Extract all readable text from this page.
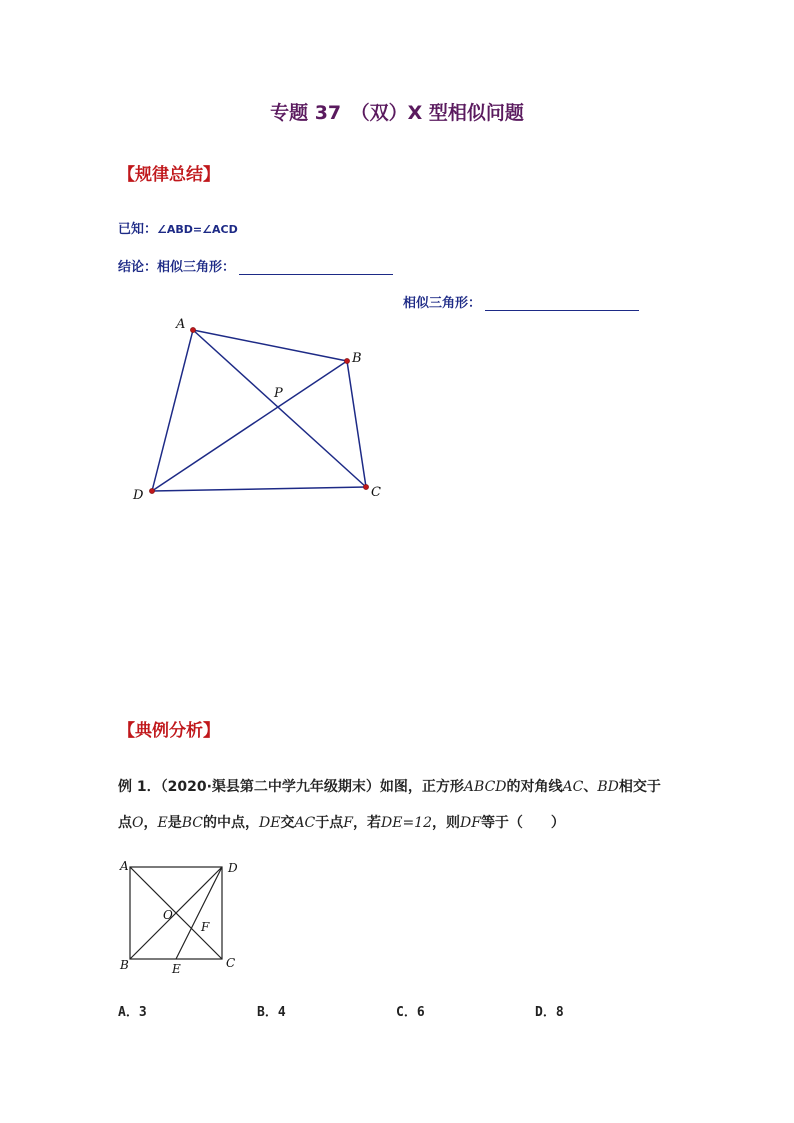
专题 37　（双）X 型相似问题
【规律总结】
已知：∠ABD=∠ACD
结论：相似三角形：
相似三角形：
A
B
C
D
P
【典例分析】
例 1．（2020·渠县第二中学九年级期末）如图，正方形ABCD的对角线AC、BD相交于
点O，E是BC的中点，DE交AC于点F，若DE=12，则DF等于（　　）
A	D
B	C
O
F
E
A．3	B．4	C．6	D．8
